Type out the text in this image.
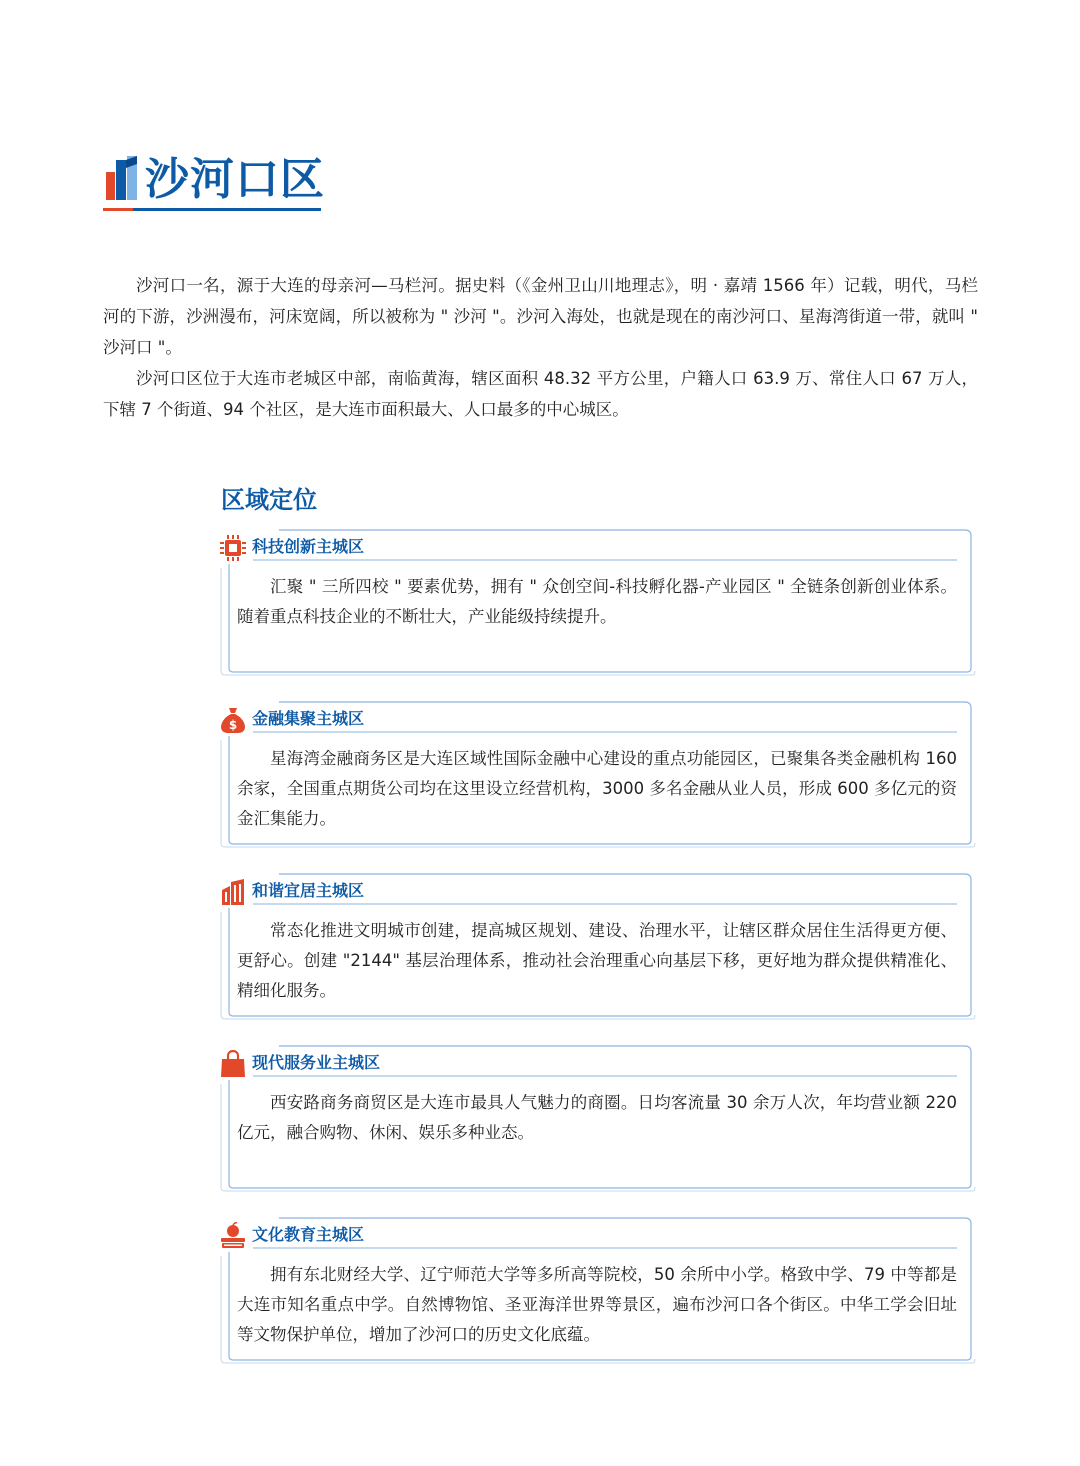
沙河口区

沙河口一名，源于大连的母亲河—马栏河。据史料（《金州卫山川地理志》，明 · 嘉靖 1566 年）记载，明代，马栏河的下游，沙洲漫布，河床宽阔，所以被称为 " 沙河 "。沙河入海处，也就是现在的南沙河口、星海湾街道一带，就叫 " 沙河口 "。

沙河口区位于大连市老城区中部，南临黄海，辖区面积 48.32 平方公里，户籍人口 63.9 万、常住人口 67 万人，下辖 7 个街道、94 个社区，是大连市面积最大、人口最多的中心城区。

区域定位
科技创新主城区
汇聚 " 三所四校 " 要素优势，拥有 " 众创空间-科技孵化器-产业园区 " 全链条创新创业体系。随着重点科技企业的不断壮大，产业能级持续提升。
$ 金融集聚主城区
星海湾金融商务区是大连区域性国际金融中心建设的重点功能园区，已聚集各类金融机构 160 余家，全国重点期货公司均在这里设立经营机构，3000 多名金融从业人员，形成 600 多亿元的资金汇集能力。
和谐宜居主城区
常态化推进文明城市创建，提高城区规划、建设、治理水平，让辖区群众居住生活得更方便、更舒心。创建 "2144" 基层治理体系，推动社会治理重心向基层下移，更好地为群众提供精准化、精细化服务。
现代服务业主城区
西安路商务商贸区是大连市最具人气魅力的商圈。日均客流量 30 余万人次，年均营业额 220 亿元，融合购物、休闲、娱乐多种业态。
文化教育主城区
拥有东北财经大学、辽宁师范大学等多所高等院校，50 余所中小学。格致中学、79 中等都是大连市知名重点中学。自然博物馆、圣亚海洋世界等景区，遍布沙河口各个街区。中华工学会旧址等文物保护单位，增加了沙河口的历史文化底蕴。
